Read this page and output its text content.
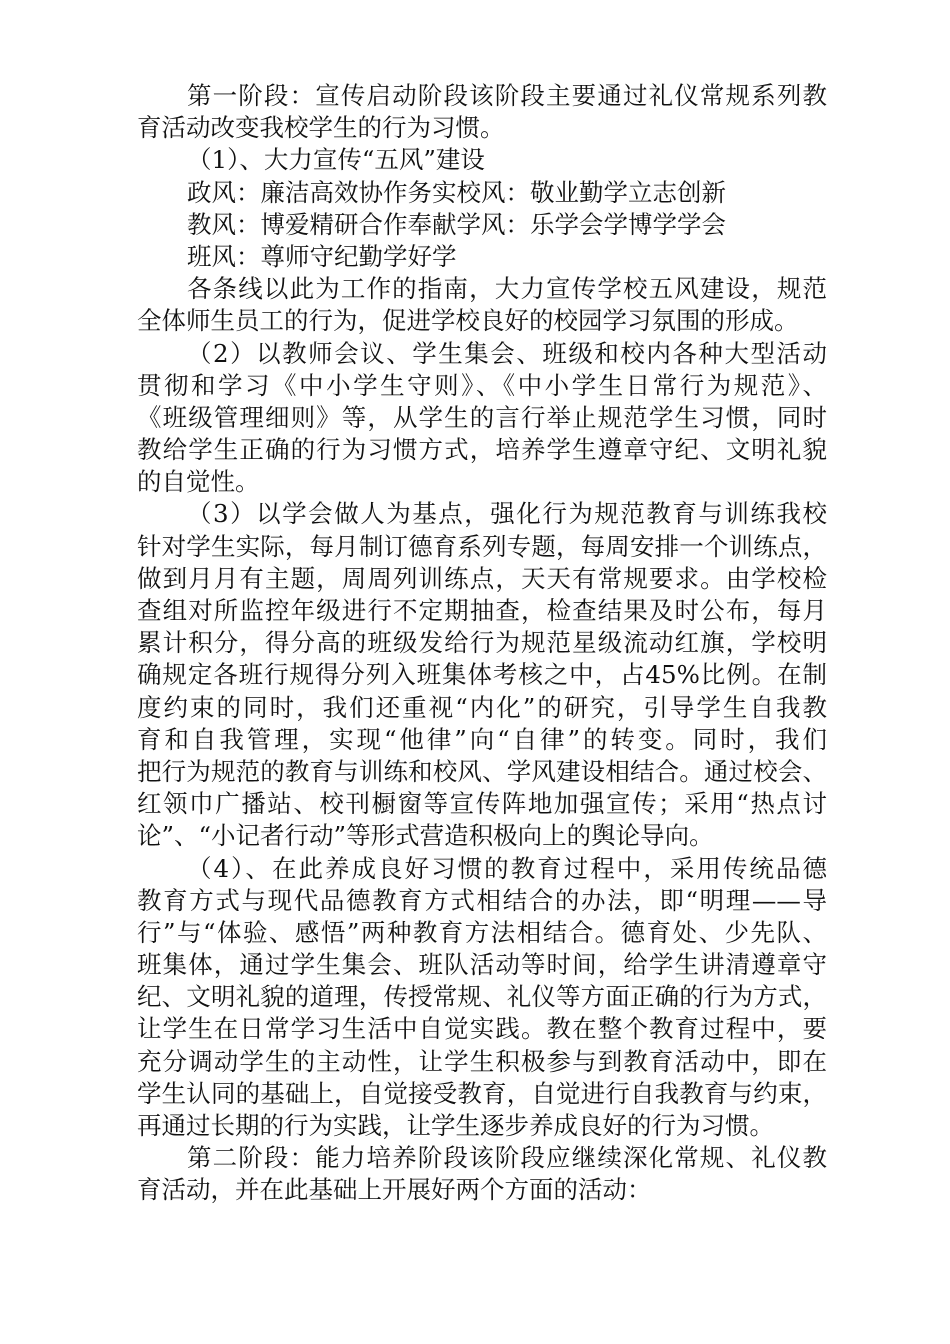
第一阶段：宣传启动阶段该阶段主要通过礼仪常规系列教
育活动改变我校学生的行为习惯。
（1）、大力宣传“五风”建设
政风：廉洁高效协作务实校风：敬业勤学立志创新
教风：博爱精研合作奉献学风：乐学会学博学学会
班风：尊师守纪勤学好学
各条线以此为工作的指南，大力宣传学校五风建设，规范
全体师生员工的行为，促进学校良好的校园学习氛围的形成。
（2）以教师会议、学生集会、班级和校内各种大型活动
贯彻和学习《中小学生守则》、《中小学生日常行为规范》、
《班级管理细则》等，从学生的言行举止规范学生习惯，同时
教给学生正确的行为习惯方式，培养学生遵章守纪、文明礼貌
的自觉性。
（3）以学会做人为基点，强化行为规范教育与训练我校
针对学生实际，每月制订德育系列专题，每周安排一个训练点，
做到月月有主题，周周列训练点，天天有常规要求。由学校检
查组对所监控年级进行不定期抽查，检查结果及时公布，每月
累计积分，得分高的班级发给行为规范星级流动红旗，学校明
确规定各班行规得分列入班集体考核之中，占45%比例。在制
度约束的同时，我们还重视“内化”的研究，引导学生自我教
育和自我管理，实现“他律”向“自律”的转变。同时，我们
把行为规范的教育与训练和校风、学风建设相结合。通过校会、
红领巾广播站、校刊橱窗等宣传阵地加强宣传；采用“热点讨
论”、“小记者行动”等形式营造积极向上的舆论导向。
（4）、在此养成良好习惯的教育过程中，采用传统品德
教育方式与现代品德教育方式相结合的办法，即“明理——导
行”与“体验、感悟”两种教育方法相结合。德育处、少先队、
班集体，通过学生集会、班队活动等时间，给学生讲清遵章守
纪、文明礼貌的道理，传授常规、礼仪等方面正确的行为方式，
让学生在日常学习生活中自觉实践。教在整个教育过程中，要
充分调动学生的主动性，让学生积极参与到教育活动中，即在
学生认同的基础上，自觉接受教育，自觉进行自我教育与约束，
再通过长期的行为实践，让学生逐步养成良好的行为习惯。
第二阶段：能力培养阶段该阶段应继续深化常规、礼仪教
育活动，并在此基础上开展好两个方面的活动：
